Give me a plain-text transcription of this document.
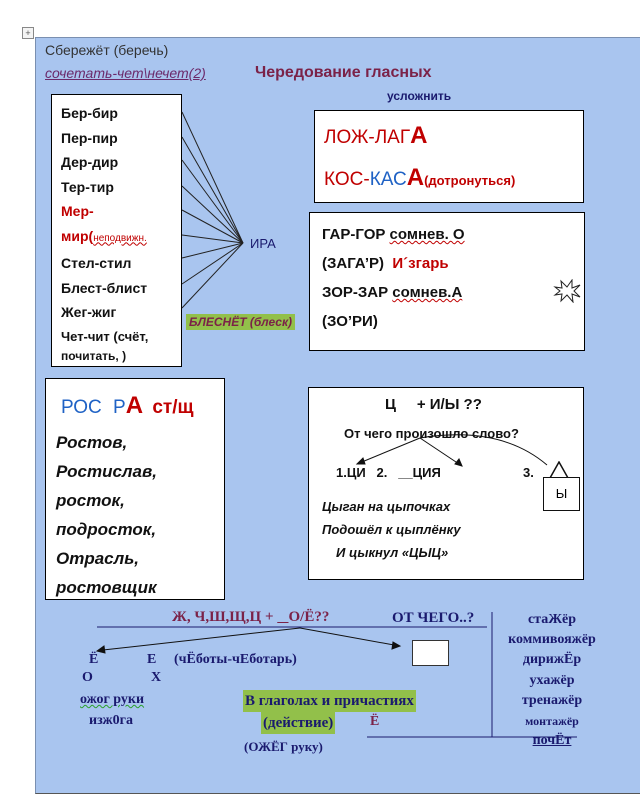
+
Сбережёт (беречь)
сочетать-чет\нечет(2)	Чередование гласных
усложнить
Бер-бир
Пер-пир
Дер-дир
Тер-тир
Мер-
мир(неподвижн.
Стел-стил
Блест-блист
Жег-жиг
Чет-чит (счёт,
почитать, )
ИРА
БЛЕСНЁТ (блеск)
ЛОЖ-ЛАГА
КОС-КАСА(дотронуться)
ГАР-ГОР сомнев. О
(ЗАГА’Р) И´згарь
ЗОР-ЗАР сомнев.А
(ЗО’РИ)
РОС РА ст/щ
Ростов,
Ростислав,
росток,
подросток,
Отрасль,
ростовщик
Ц + И/Ы ??
От чего произошло слово?
1.ЦИ 2. __ЦИЯ	3.
Ы
Цыган на цыпочках
Подошёл к цыплёнку
И цыкнул «ЦЫЦ»
Ж, Ч,Ш,Щ,Ц + О/Ё??	ОТ ЧЕГО..?
Ё	Е (чЁботы-чЕботарь)
О	Х
ожог руки
изж0га
В глаголах и причастиях
(действие)	Ё
(ОЖЁГ руку)
стаЖёр
коммивояжёр
дирижЁр
ухажёр
тренажёр
монтажёр
почЁт
